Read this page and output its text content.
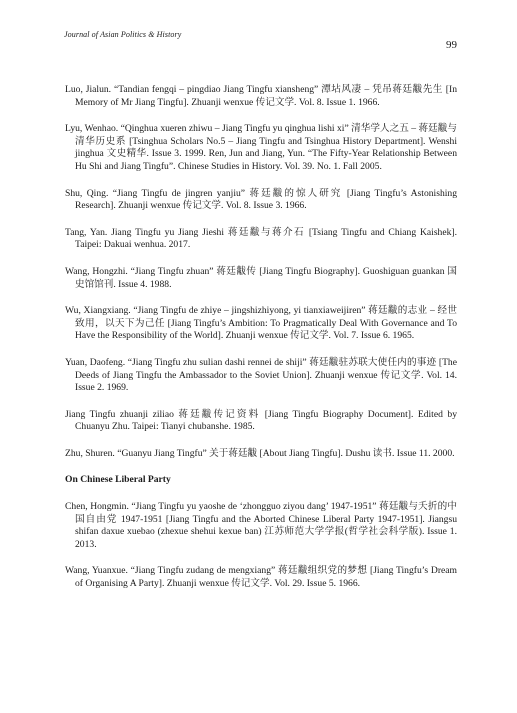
Journal of Asian Politics & History
99

Luo, Jialun. “Tandian fengqi – pingdiao Jiang Tingfu xiansheng” 潭坫风凄 – 凭吊蒋廷黻先生 [In Memory of Mr Jiang Tingfu]. Zhuanji wenxue 传记文学. Vol. 8. Issue 1. 1966.

Lyu, Wenhao. “Qinghua xueren zhiwu – Jiang Tingfu yu qinghua lishi xi” 清华学人之五 – 蒋廷黻与清华历史系 [Tsinghua Scholars No.5 – Jiang Tingfu and Tsinghua History Department]. Wenshi jinghua 文史精华. Issue 3. 1999. Ren, Jun and Jiang, Yun. “The Fifty-Year Relationship Between Hu Shi and Jiang Tingfu”. Chinese Studies in History. Vol. 39. No. 1. Fall 2005.

Shu, Qing. “Jiang Tingfu de jingren yanjiu” 蒋廷黻的惊人研究 [Jiang Tingfu’s Astonishing Research]. Zhuanji wenxue 传记文学. Vol. 8. Issue 3. 1966.

Tang, Yan. Jiang Tingfu yu Jiang Jieshi 蒋廷黻与蒋介石 [Tsiang Tingfu and Chiang Kaishek]. Taipei: Dakuai wenhua. 2017.

Wang, Hongzhi. “Jiang Tingfu zhuan” 蒋廷黻传 [Jiang Tingfu Biography]. Guoshiguan guankan 国史馆馆刊. Issue 4. 1988.

Wu, Xiangxiang. “Jiang Tingfu de zhiye – jingshizhiyong, yi tianxiaweijiren” 蒋廷黻的志业 – 经世致用，以天下为己任 [Jiang Tingfu’s Ambition: To Pragmatically Deal With Governance and To Have the Responsibility of the World]. Zhuanji wenxue 传记文学. Vol. 7. Issue 6. 1965.

Yuan, Daofeng. “Jiang Tingfu zhu sulian dashi rennei de shiji” 蒋廷黻驻苏联大使任内的事迹 [The Deeds of Jiang Tingfu the Ambassador to the Soviet Union]. Zhuanji wenxue 传记文学. Vol. 14. Issue 2. 1969.

Jiang Tingfu zhuanji ziliao 蒋廷黻传记资料 [Jiang Tingfu Biography Document]. Edited by Chuanyu Zhu. Taipei: Tianyi chubanshe. 1985.

Zhu, Shuren. “Guanyu Jiang Tingfu” 关于蒋廷黻 [About Jiang Tingfu]. Dushu 读书. Issue 11. 2000.

On Chinese Liberal Party

Chen, Hongmin. “Jiang Tingfu yu yaoshe de ‘zhongguo ziyou dang’ 1947-1951” 蒋廷黻与夭折的中国自由党 1947-1951 [Jiang Tingfu and the Aborted Chinese Liberal Party 1947-1951]. Jiangsu shifan daxue xuebao (zhexue shehui kexue ban) 江苏师范大学学报(哲学社会科学版). Issue 1. 2013.

Wang, Yuanxue. “Jiang Tingfu zudang de mengxiang” 蒋廷黻组织党的梦想 [Jiang Tingfu’s Dream of Organising A Party]. Zhuanji wenxue 传记文学. Vol. 29. Issue 5. 1966.
